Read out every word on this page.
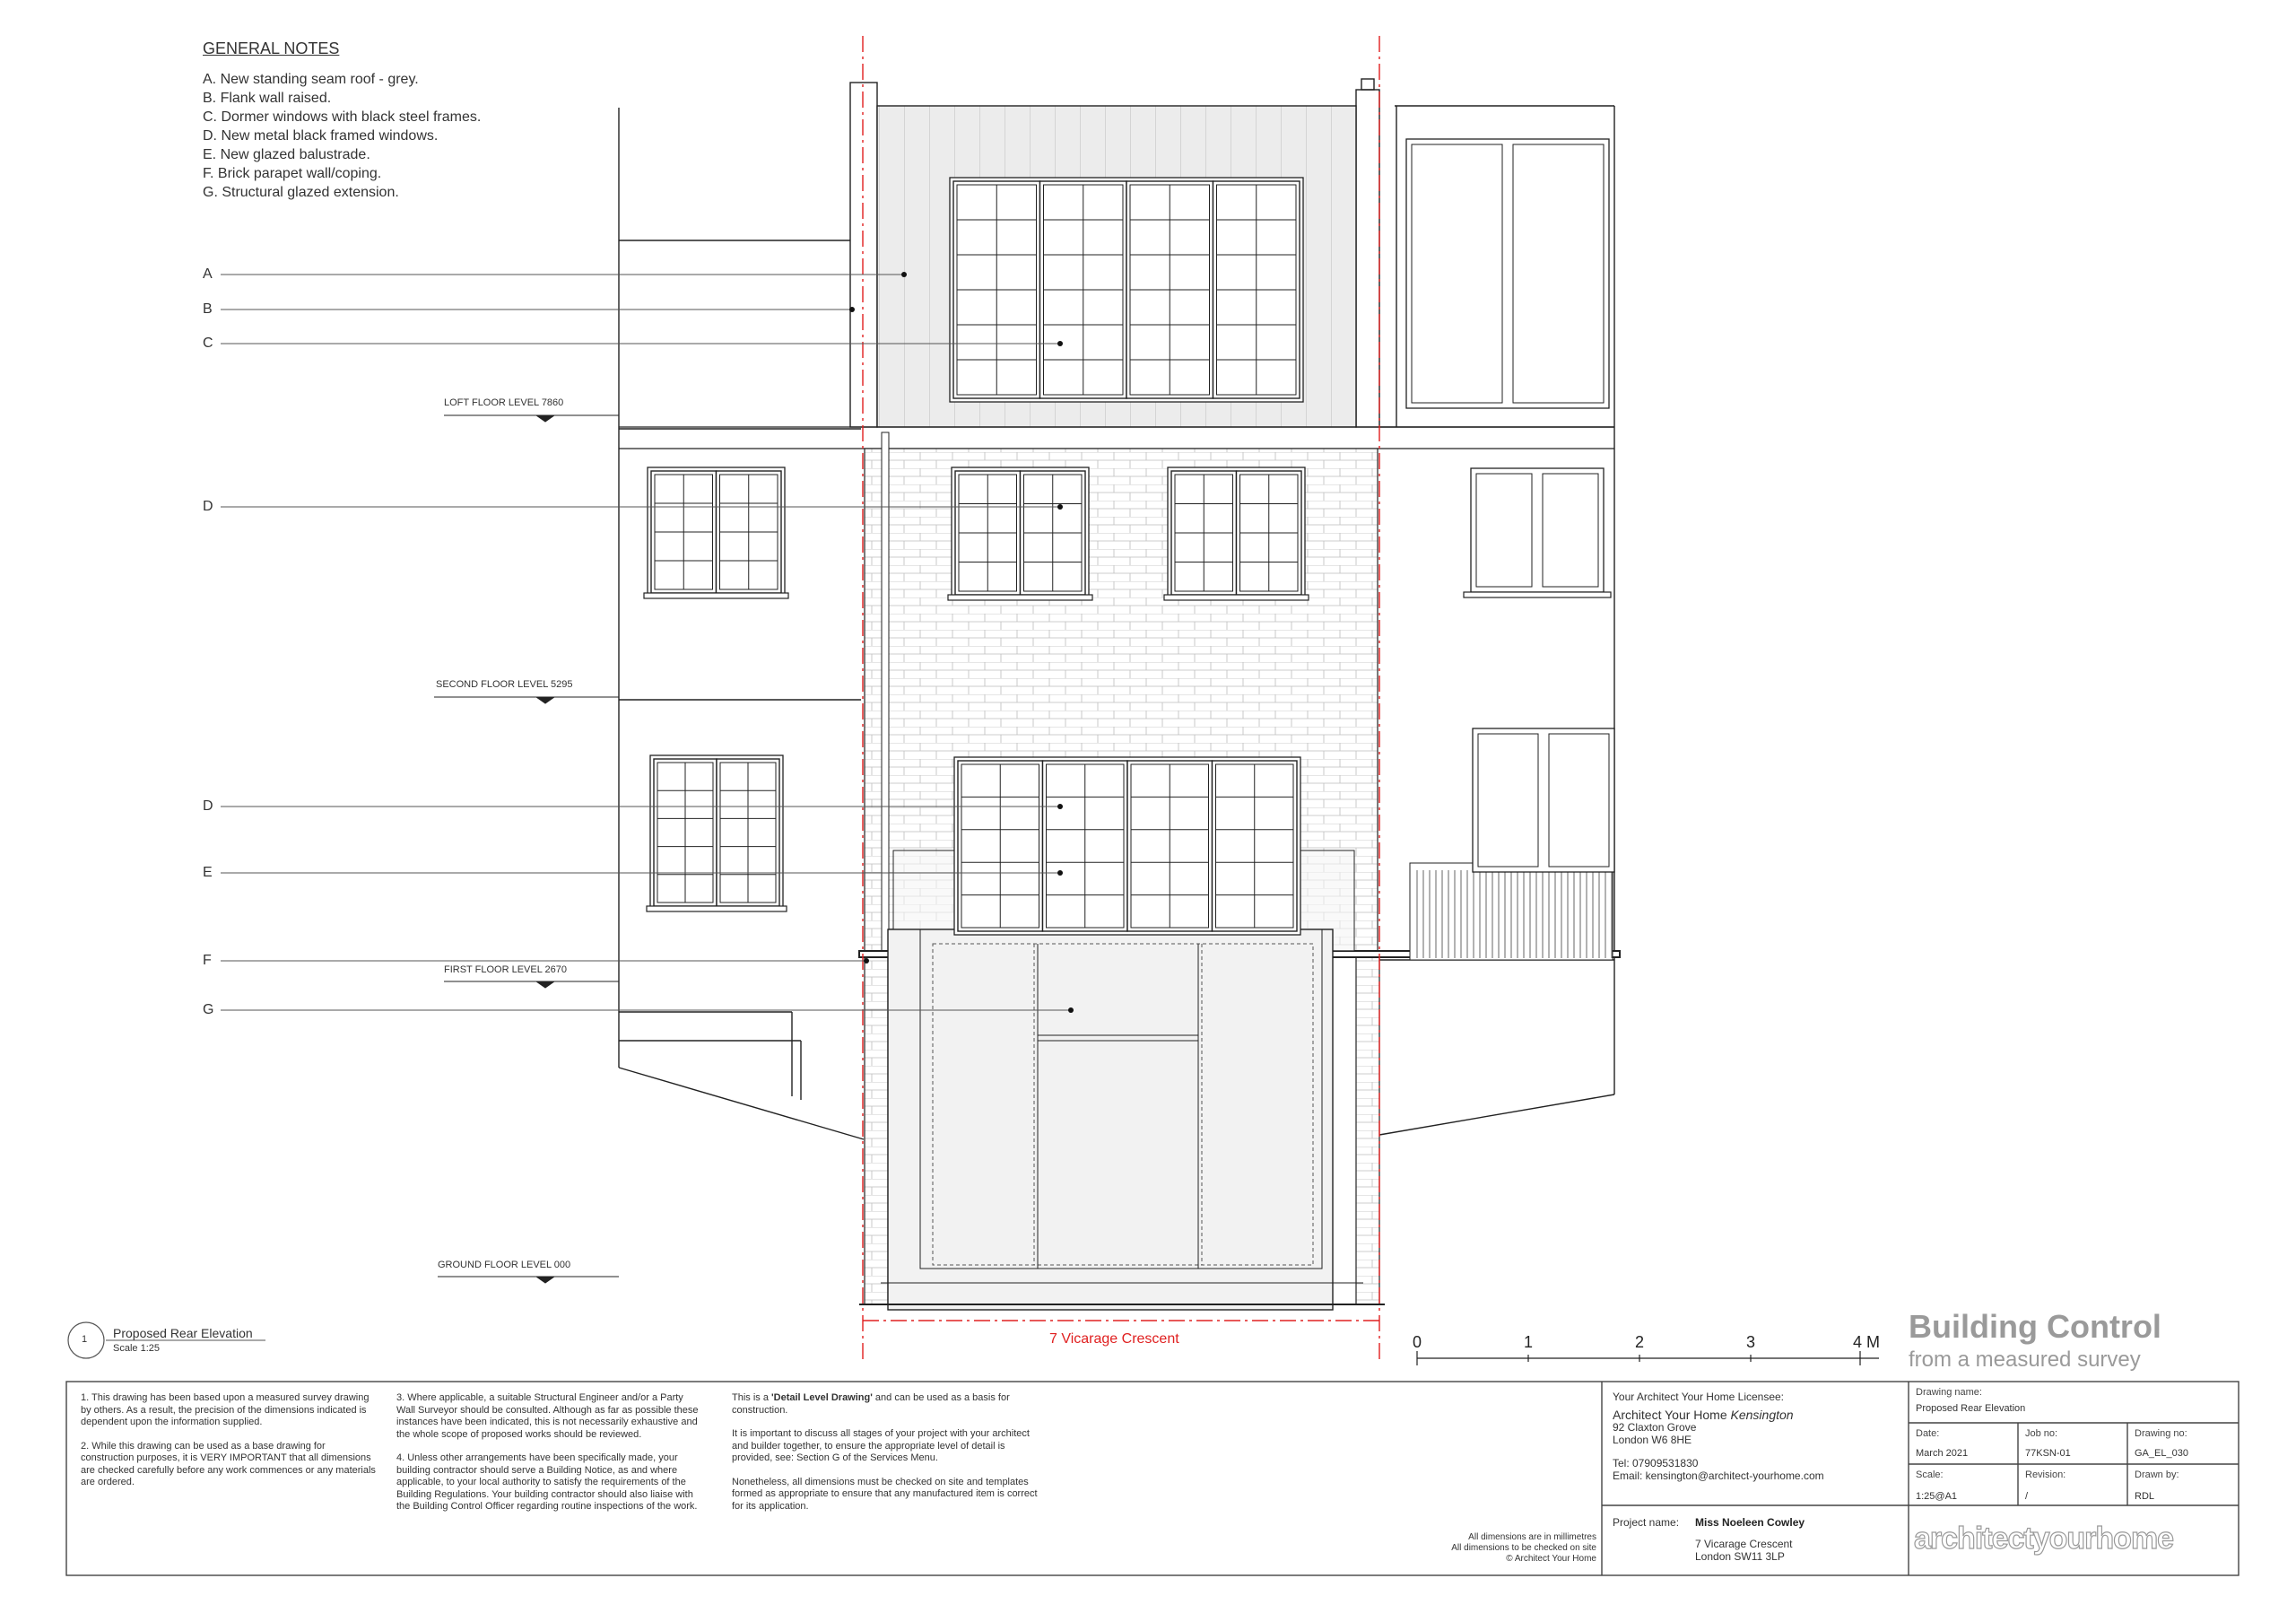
GENERAL NOTES
A. New standing seam roof - grey.
B. Flank wall raised.
C. Dormer windows with black steel frames.
D. New metal black framed windows.
E. New glazed balustrade.
F. Brick parapet wall/coping.
G. Structural glazed extension.
A
B
C
D
D
E
F
G
LOFT FLOOR LEVEL 7860
SECOND FLOOR LEVEL 5295
FIRST FLOOR LEVEL 2670
GROUND FLOOR LEVEL 000
7 Vicarage Crescent
1 Proposed Rear Elevation
Scale 1:25	0	1	2	3	4 M Building Control
from a measured survey

1. This drawing has been based upon a measured survey drawing by others. As a result, the precision of the dimensions indicated is dependent upon the information supplied.

2. While this drawing can be used as a base drawing for construction purposes, it is VERY IMPORTANT that all dimensions are checked carefully before any work commences or any materials are ordered.

3. Where applicable, a suitable Structural Engineer and/or a Party Wall Surveyor should be consulted. Although as far as possible these instances have been indicated, this is not necessarily exhaustive and the whole scope of proposed works should be reviewed.

4. Unless other arrangements have been specifically made, your building contractor should serve a Building Notice, as and where applicable, to your local authority to satisfy the requirements of the Building Regulations. Your building contractor should also liaise with the Building Control Officer regarding routine inspections of the work.

This is a 'Detail Level Drawing' and can be used as a basis for construction.

It is important to discuss all stages of your project with your architect and builder together, to ensure the appropriate level of detail is provided, see: Section G of the Services Menu.

Nonetheless, all dimensions must be checked on site and templates formed as appropriate to ensure that any manufactured item is correct for its application.

All dimensions are in millimetres
All dimensions to be checked on site
© Architect Your Home
Your Architect Your Home Licensee:
Architect Your Home Kensington
92 Claxton Grove
London W6 8HE
Tel: 07909531830
Email: kensington@architect-yourhome.com
Project name: Miss Noeleen Cowley
7 Vicarage Crescent
London SW11 3LP
Drawing name:
Proposed Rear Elevation
Date:
March 2021
Job no:
77KSN-01
Drawing no:
GA_EL_030
Scale:
1:25@A1
Revision:
/
Drawn by:
RDL
architectyourhome
